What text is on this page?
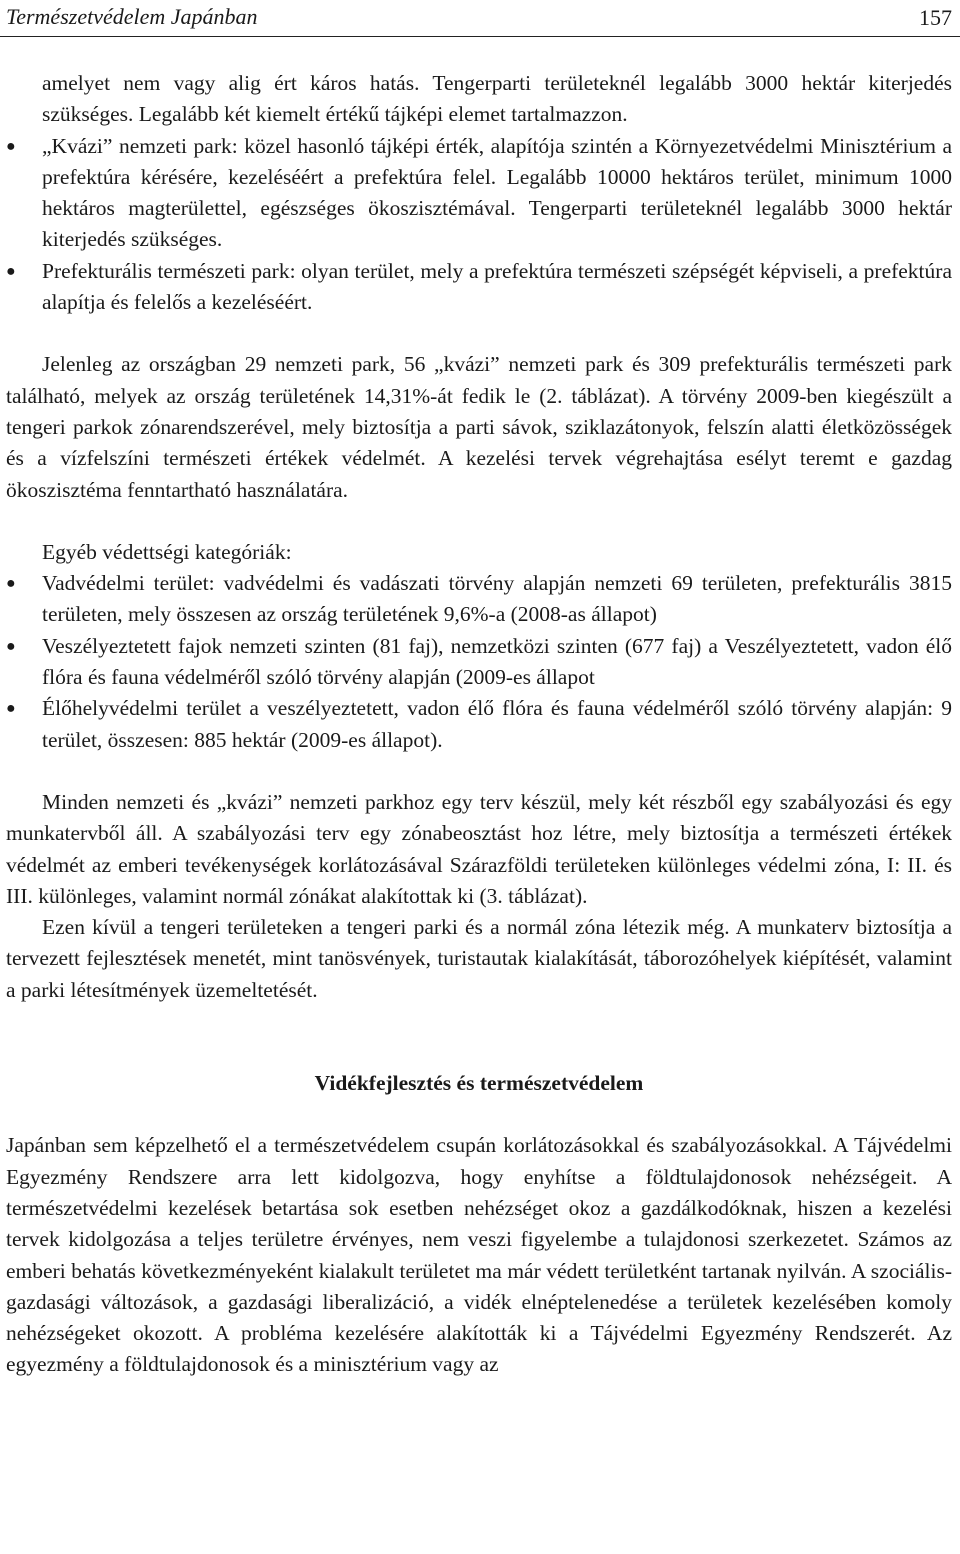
Természetvédelem Japánban	157

amelyet nem vagy alig ért káros hatás. Tengerparti területeknél legalább 3000 hektár kiterjedés szükséges. Legalább két kiemelt értékű tájképi elemet tartalmazzon.

●	„Kvázi” nemzeti park: közel hasonló tájképi érték, alapítója szintén a Környezetvédelmi Minisztérium a prefektúra kérésére, kezeléséért a prefektúra felel. Legalább 10000 hektáros terület, minimum 1000 hektáros magterülettel, egészséges ökoszisztémával. Tengerparti területeknél legalább 3000 hektár kiterjedés szükséges.
●	Prefekturális természeti park: olyan terület, mely a prefektúra természeti szépségét képviseli, a prefektúra alapítja és felelős a kezeléséért.

Jelenleg az országban 29 nemzeti park, 56 „kvázi” nemzeti park és 309 prefekturális természeti park található, melyek az ország területének 14,31%-át fedik le (2. táblázat). A törvény 2009-ben kiegészült a tengeri parkok zónarendszerével, mely biztosítja a parti sávok, sziklazátonyok, felszín alatti életközösségek és a vízfelszíni természeti értékek védelmét. A kezelési tervek végrehajtása esélyt teremt e gazdag ökoszisztéma fenntartható használatára.

Egyéb védettségi kategóriák:

●	Vadvédelmi terület: vadvédelmi és vadászati törvény alapján nemzeti 69 területen, prefekturális 3815 területen, mely összesen az ország területének 9,6%-a (2008-as állapot)
●	Veszélyeztetett fajok nemzeti szinten (81 faj), nemzetközi szinten (677 faj) a Veszélyeztetett, vadon élő flóra és fauna védelméről szóló törvény alapján (2009-es állapot
●	Élőhelyvédelmi terület a veszélyeztetett, vadon élő flóra és fauna védelméről szóló törvény alapján: 9 terület, összesen: 885 hektár (2009-es állapot).

Minden nemzeti és „kvázi” nemzeti parkhoz egy terv készül, mely két részből egy szabályozási és egy munkatervből áll. A szabályozási terv egy zónabeosztást hoz létre, mely biztosítja a természeti értékek védelmét az emberi tevékenységek korlátozásával Szárazföldi területeken különleges védelmi zóna, I: II. és III. különleges, valamint normál zónákat alakítottak ki (3. táblázat).

Ezen kívül a tengeri területeken a tengeri parki és a normál zóna létezik még. A munkaterv biztosítja a tervezett fejlesztések menetét, mint tanösvények, turistautak kialakítását, táborozóhelyek kiépítését, valamint a parki létesítmények üzemeltetését.

Vidékfejlesztés és természetvédelem

Japánban sem képzelhető el a természetvédelem csupán korlátozásokkal és szabályozásokkal. A Tájvédelmi Egyezmény Rendszere arra lett kidolgozva, hogy enyhítse a földtulajdonosok nehézségeit. A természetvédelmi kezelések betartása sok esetben nehézséget okoz a gazdálkodóknak, hiszen a kezelési tervek kidolgozása a teljes területre érvényes, nem veszi figyelembe a tulajdonosi szerkezetet. Számos az emberi behatás következményeként kialakult területet ma már védett területként tartanak nyilván. A szociális-gazdasági változások, a gazdasági liberalizáció, a vidék elnéptelenedése a területek kezelésében komoly nehézségeket okozott. A probléma kezelésére alakították ki a Tájvédelmi Egyezmény Rendszerét. Az egyezmény a földtulajdonosok és a minisztérium vagy az
